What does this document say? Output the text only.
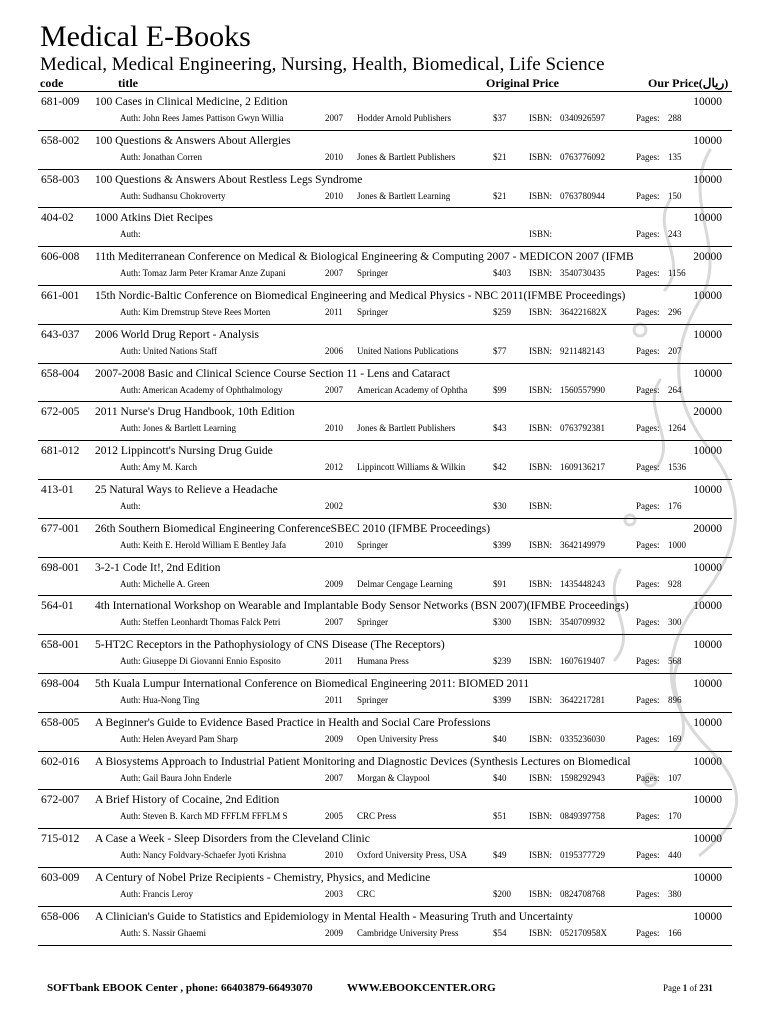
Medical E-Books
Medical, Medical Engineering, Nursing, Health, Biomedical, Life Science
code	title	Original Price	Our Price(ریال)
681-009 100 Cases in Clinical Medicine, 2 Edition	10000
Auth: John Rees James Pattison Gwyn Willia	2007 Hodder Arnold Publishers	$37	ISBN: 0340926597	Pages: 288
658-002 100 Questions & Answers About Allergies	10000
Auth: Jonathan Corren	2010 Jones & Bartlett Publishers	$21	ISBN: 0763776092	Pages: 135
658-003 100 Questions & Answers About Restless Legs Syndrome	10000
Auth: Sudhansu Chokroverty	2010 Jones & Bartlett Learning	$21	ISBN: 0763780944	Pages: 150
404-02 1000 Atkins Diet Recipes	10000
Auth:	ISBN:	Pages: 243
606-008 11th Mediterranean Conference on Medical & Biological Engineering & Computing 2007 - MEDICON 2007 (IFMB	20000
Auth: Tomaz Jarm Peter Kramar Anze Zupani	2007 Springer	$403 ISBN: 3540730435	Pages: 1156
661-001 15th Nordic-Baltic Conference on Biomedical Engineering and Medical Physics - NBC 2011(IFMBE Proceedings)	10000
Auth: Kim Dremstrup Steve Rees Morten	2011 Springer	$259 ISBN: 364221682X	Pages: 296
643-037 2006 World Drug Report - Analysis	10000
Auth: United Nations Staff	2006 United Nations Publications	$77	ISBN: 9211482143	Pages: 207
658-004 2007-2008 Basic and Clinical Science Course Section 11 - Lens and Cataract	10000
Auth: American Academy of Ophthalmology	2007 American Academy of Ophtha	$99	ISBN: 1560557990	Pages: 264
672-005 2011 Nurse's Drug Handbook, 10th Edition	20000
Auth: Jones & Bartlett Learning	2010 Jones & Bartlett Publishers	$43	ISBN: 0763792381	Pages: 1264
681-012 2012 Lippincott's Nursing Drug Guide	10000
Auth: Amy M. Karch	2012 Lippincott Williams & Wilkin	$42	ISBN: 1609136217	Pages: 1536
413-01 25 Natural Ways to Relieve a Headache	10000
Auth:	2002	$30	ISBN:	Pages: 176
677-001 26th Southern Biomedical Engineering ConferenceSBEC 2010 (IFMBE Proceedings)	20000
Auth: Keith E. Herold William E Bentley Jafa	2010 Springer	$399 ISBN: 3642149979	Pages: 1000
698-001 3-2-1 Code It!, 2nd Edition	10000
Auth: Michelle A. Green	2009 Delmar Cengage Learning	$91	ISBN: 1435448243	Pages: 928
564-01 4th International Workshop on Wearable and Implantable Body Sensor Networks (BSN 2007)(IFMBE Proceedings)	10000
Auth: Steffen Leonhardt Thomas Falck Petri	2007 Springer	$300 ISBN: 3540709932	Pages: 300
658-001 5-HT2C Receptors in the Pathophysiology of CNS Disease (The Receptors)	10000
Auth: Giuseppe Di Giovanni Ennio Esposito	2011 Humana Press	$239 ISBN: 1607619407	Pages: 568
698-004 5th Kuala Lumpur International Conference on Biomedical Engineering 2011: BIOMED 2011	10000
Auth: Hua-Nong Ting	2011 Springer	$399 ISBN: 3642217281	Pages: 896
658-005 A Beginner's Guide to Evidence Based Practice in Health and Social Care Professions	10000
Auth: Helen Aveyard Pam Sharp	2009 Open University Press	$40	ISBN: 0335236030	Pages: 169
602-016 A Biosystems Approach to Industrial Patient Monitoring and Diagnostic Devices (Synthesis Lectures on Biomedical	10000
Auth: Gail Baura John Enderle	2007 Morgan & Claypool	$40	ISBN: 1598292943	Pages: 107
672-007 A Brief History of Cocaine, 2nd Edition	10000
Auth: Steven B. Karch MD FFFLM FFFLM S	2005 CRC Press	$51	ISBN: 0849397758	Pages: 170
715-012 A Case a Week - Sleep Disorders from the Cleveland Clinic	10000
Auth: Nancy Foldvary-Schaefer Jyoti Krishna	2010 Oxford University Press, USA	$49	ISBN: 0195377729	Pages: 440
603-009 A Century of Nobel Prize Recipients - Chemistry, Physics, and Medicine	10000
Auth: Francis Leroy	2003 CRC	$200 ISBN: 0824708768	Pages: 380
658-006 A Clinician's Guide to Statistics and Epidemiology in Mental Health - Measuring Truth and Uncertainty	10000
Auth: S. Nassir Ghaemi	2009 Cambridge University Press	$54	ISBN: 052170958X	Pages: 166
SOFTbank EBOOK Center , phone: 66403879-66493070	WWW.EBOOKCENTER.ORG	Page 1 of 231
